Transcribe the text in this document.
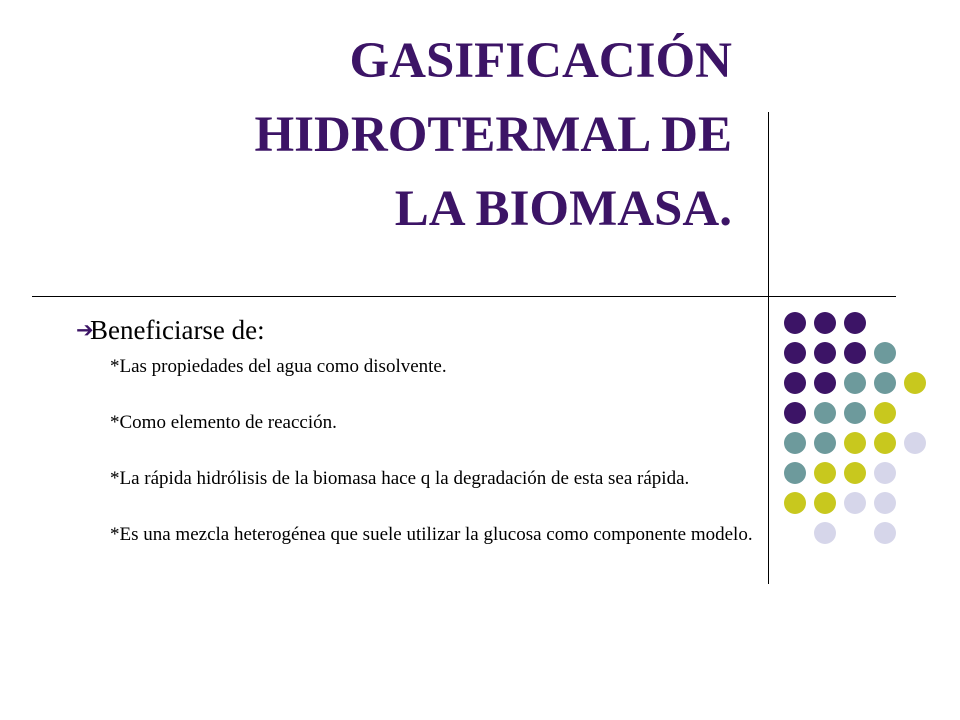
GASIFICACIÓN
HIDROTERMAL DE
LA BIOMASA.
➔
Beneficiarse de:
*Las propiedades del agua como disolvente.
*Como elemento de reacción.
*La rápida hidrólisis de la biomasa hace q la degradación de esta sea rápida.
*Es una mezcla heterogénea que suele utilizar la glucosa como componente modelo.
